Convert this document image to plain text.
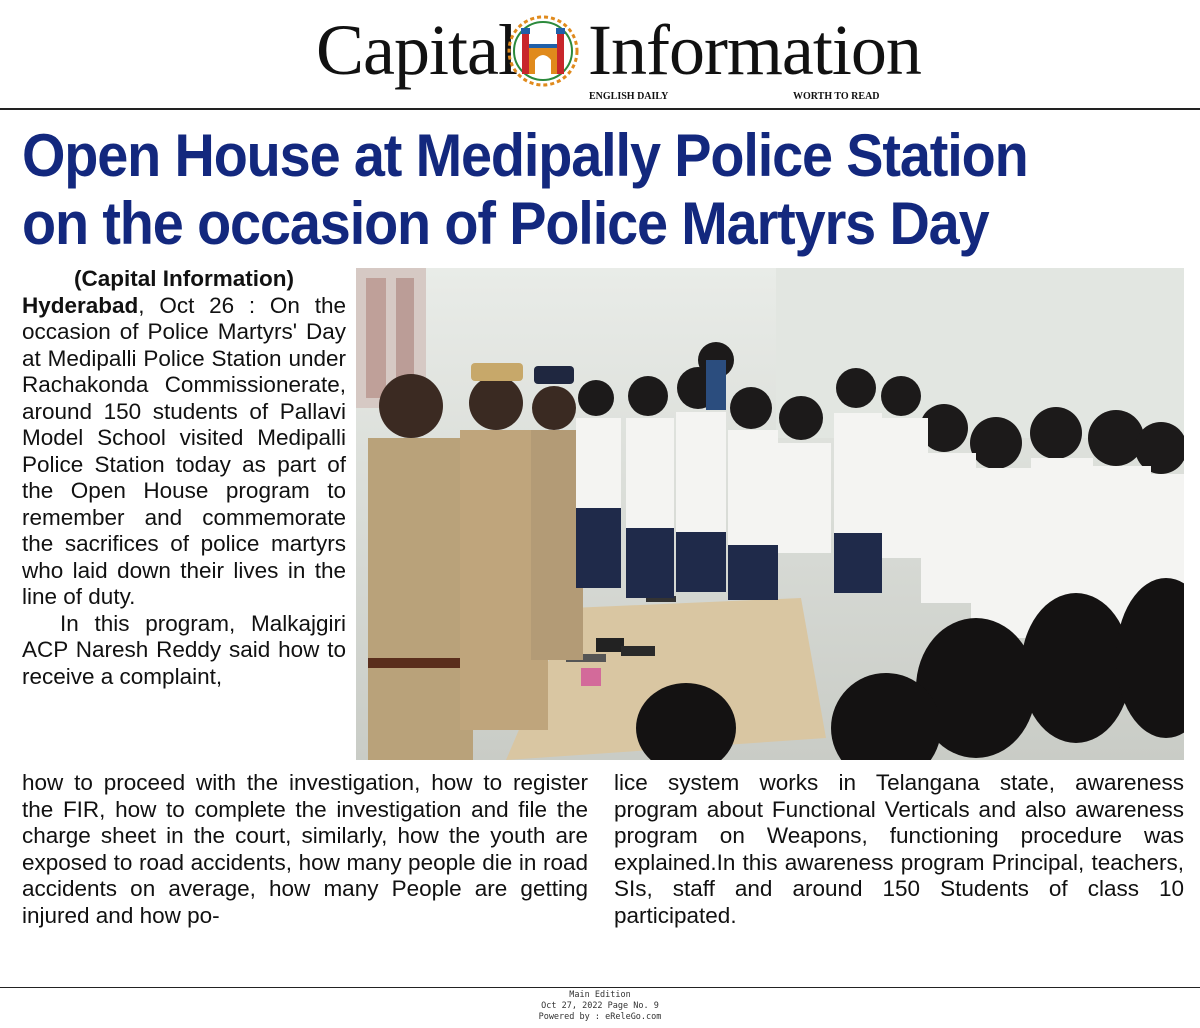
Capital Information
ENGLISH DAILY	WORTH TO READ
Open House at Medipally Police Station
on the occasion of Police Martyrs Day
(Capital Information)

Hyderabad, Oct 26 : On the occasion of Police Martyrs' Day at Medipalli Police Station under Rachakonda Commissionerate, around 150 students of Pallavi Model School visited Medipalli Police Station today as part of the Open House program to remember and commemorate the sacrifices of police martyrs who laid down their lives in the line of duty.

In this program, Malkajgiri ACP Naresh Reddy said how to receive a complaint,

how to proceed with the investigation, how to register the FIR, how to complete the investigation and file the charge sheet in the court, similarly, how the youth are exposed to road accidents, how many people die in road accidents on average, how many People are getting injured and how po-

lice system works in Telangana state, awareness program about Functional Verticals and also awareness program on Weapons, functioning procedure was explained.In this awareness program Principal, teachers, SIs, staff and around 150 Students of class 10 participated.

Main Edition
Oct 27, 2022 Page No. 9
Powered by : eReleGo.com
